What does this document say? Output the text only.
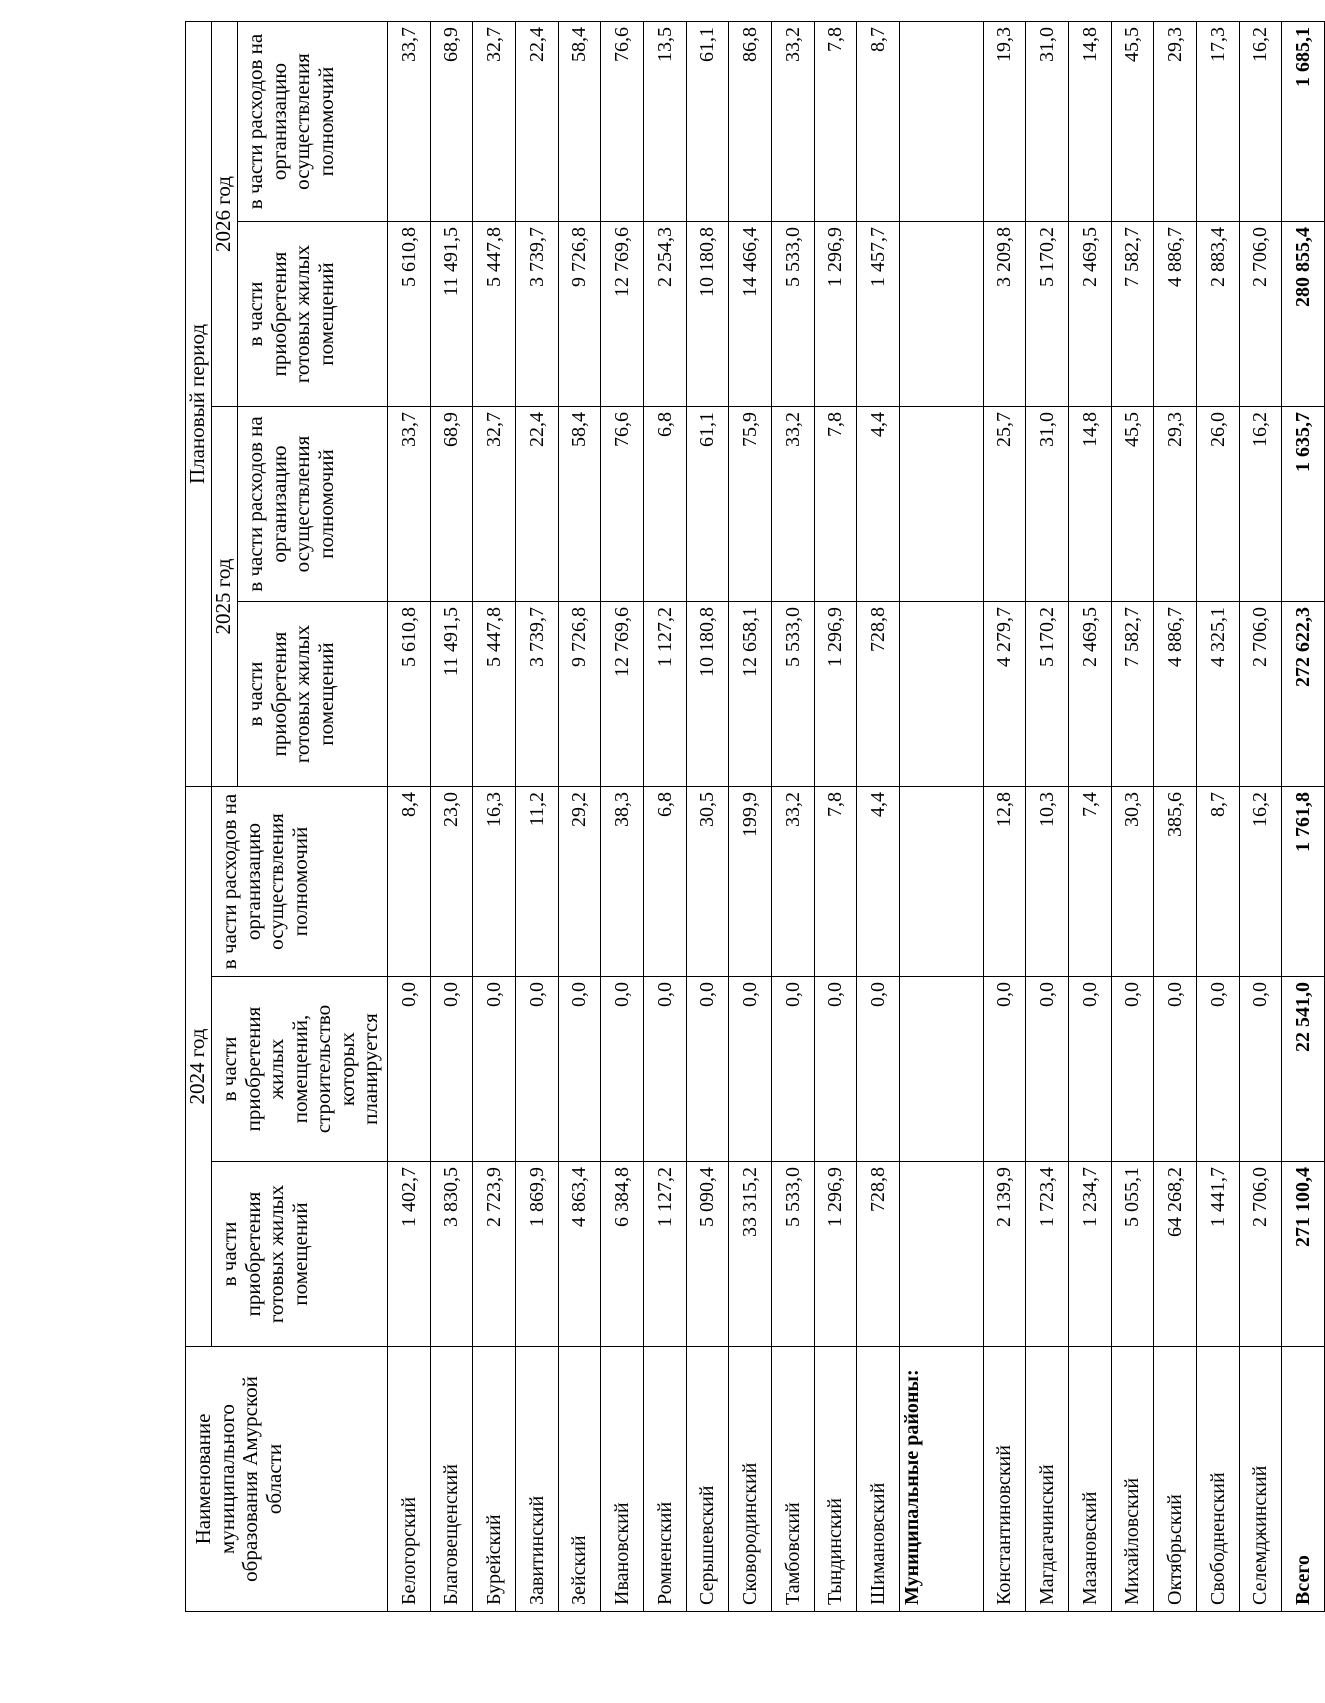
Наименование муниципального образования Амурской области	2024 год			Плановый период			
	в части приобретения готовых жилых помещений	в части приобретения жилых помещений, строительство которых планируется	в части расходов на организацию осуществления полномочий	2025 год		2026 год	
				в части приобретения готовых жилых помещений	в части расходов на организацию осуществления полномочий	в части приобретения готовых жилых помещений	в части расходов на организацию осуществления полномочий
Белогорский	1 402,7	0,0	8,4	5 610,8	33,7	5 610,8	33,7
Благовещенский	3 830,5	0,0	23,0	11 491,5	68,9	11 491,5	68,9
Бурейский	2 723,9	0,0	16,3	5 447,8	32,7	5 447,8	32,7
Завитинский	1 869,9	0,0	11,2	3 739,7	22,4	3 739,7	22,4
Зейский	4 863,4	0,0	29,2	9 726,8	58,4	9 726,8	58,4
Ивановский	6 384,8	0,0	38,3	12 769,6	76,6	12 769,6	76,6
Ромненский	1 127,2	0,0	6,8	1 127,2	6,8	2 254,3	13,5
Серышевский	5 090,4	0,0	30,5	10 180,8	61,1	10 180,8	61,1
Сковородинский	33 315,2	0,0	199,9	12 658,1	75,9	14 466,4	86,8
Тамбовский	5 533,0	0,0	33,2	5 533,0	33,2	5 533,0	33,2
Тындинский	1 296,9	0,0	7,8	1 296,9	7,8	1 296,9	7,8
Шимановский	728,8	0,0	4,4	728,8	4,4	1 457,7	8,7
Муниципальные районы:							
Константиновский	2 139,9	0,0	12,8	4 279,7	25,7	3 209,8	19,3
Магдагачинский	1 723,4	0,0	10,3	5 170,2	31,0	5 170,2	31,0
Мазановский	1 234,7	0,0	7,4	2 469,5	14,8	2 469,5	14,8
Михайловский	5 055,1	0,0	30,3	7 582,7	45,5	7 582,7	45,5
Октябрьский	64 268,2	0,0	385,6	4 886,7	29,3	4 886,7	29,3
Свободненский	1 441,7	0,0	8,7	4 325,1	26,0	2 883,4	17,3
Селемджинский	2 706,0	0,0	16,2	2 706,0	16,2	2 706,0	16,2
Всего	271 100,4	22 541,0	1 761,8	272 622,3	1 635,7	280 855,4	1 685,1
